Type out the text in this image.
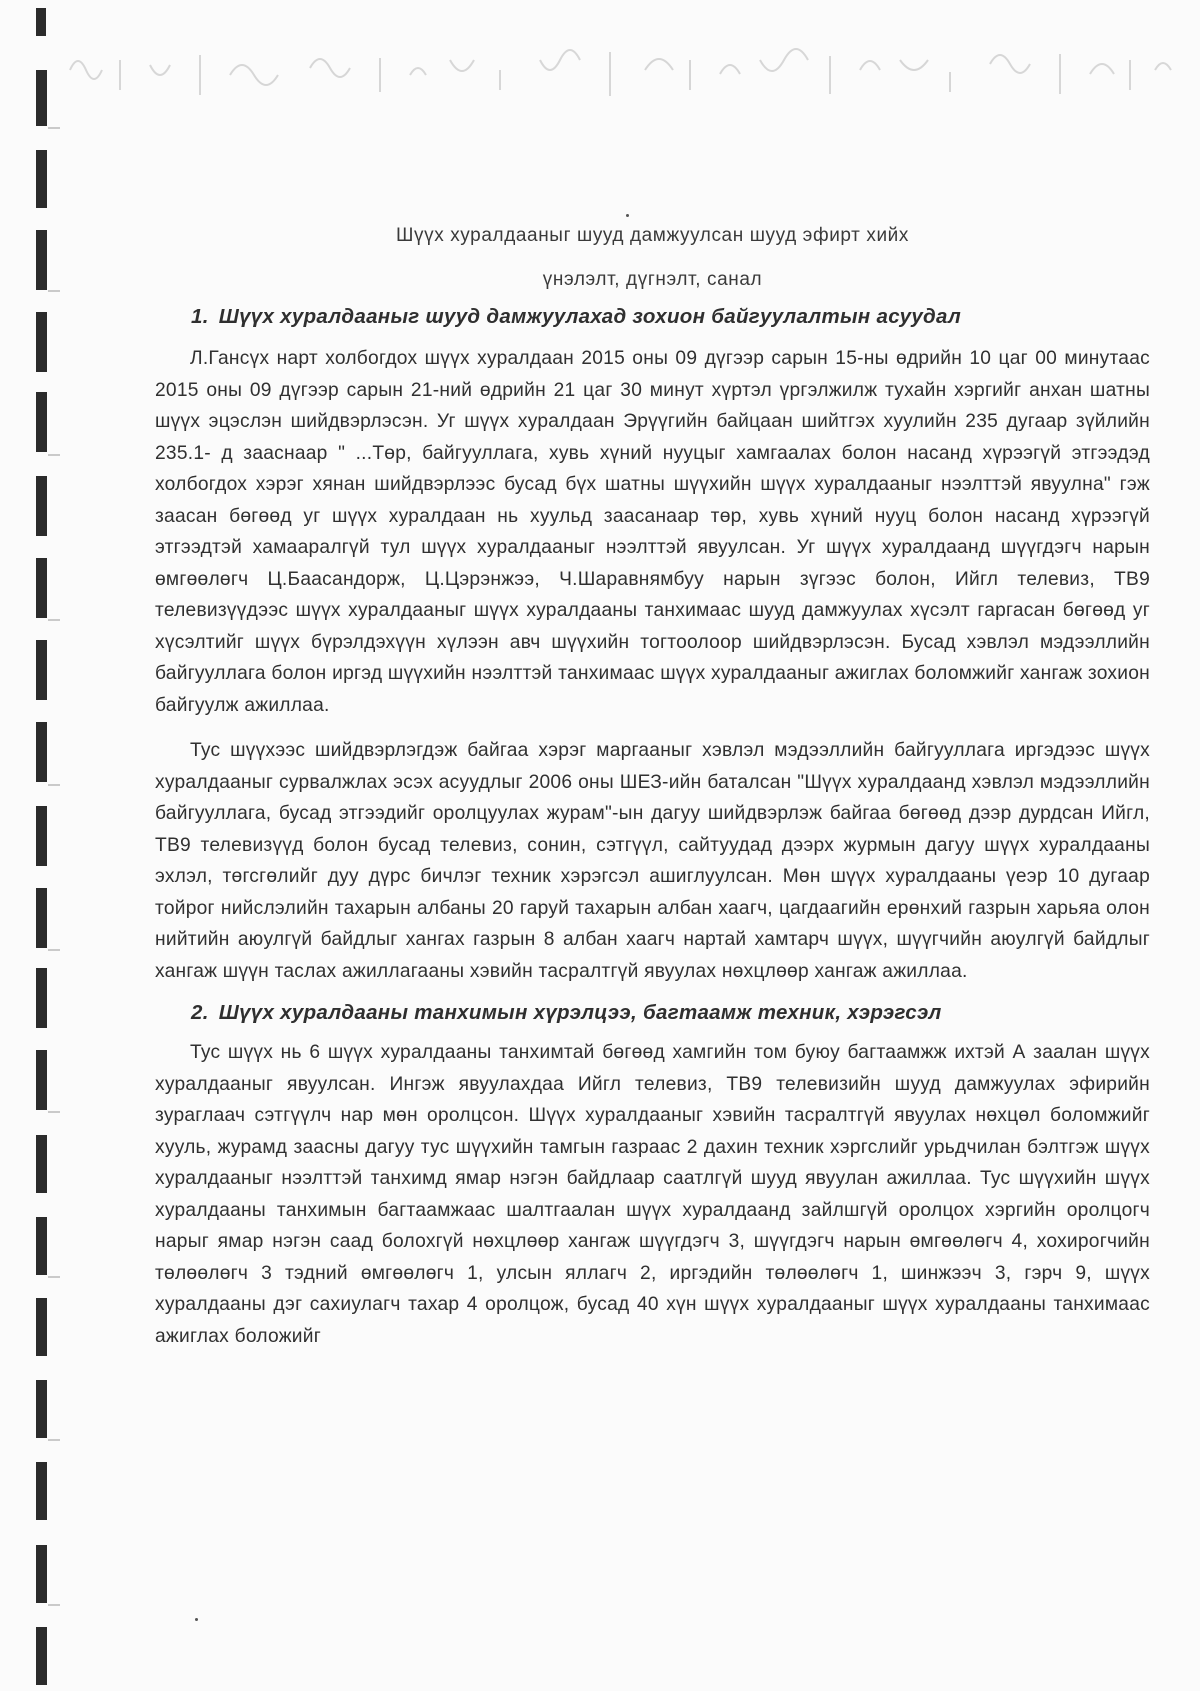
Шүүх хуралдааныг шууд дамжуулсан шууд эфирт хийх
үнэлэлт, дүгнэлт, санал
1. Шүүх хуралдааныг шууд дамжуулахад зохион байгуулалтын асуудал

Л.Гансүх нарт холбогдох шүүх хуралдаан 2015 оны 09 дүгээр сарын 15-ны өдрийн 10 цаг 00 минутаас 2015 оны 09 дүгээр сарын 21-ний өдрийн 21 цаг 30 минут хүртэл үргэлжилж тухайн хэргийг анхан шатны шүүх эцэслэн шийдвэрлэсэн. Уг шүүх хуралдаан Эрүүгийн байцаан шийтгэх хуулийн 235 дугаар зүйлийн 235.1- д зааснаар " ...Төр, байгууллага, хувь хүний нууцыг хамгаалах болон насанд хүрээгүй этгээдэд холбогдох хэрэг хянан шийдвэрлээс бусад бүх шатны шүүхийн шүүх хуралдааныг нээлттэй явуулна" гэж заасан бөгөөд уг шүүх хуралдаан нь хуульд заасанаар төр, хувь хүний нууц болон насанд хүрээгүй этгээдтэй хамааралгүй тул шүүх хуралдааныг нээлттэй явуулсан. Уг шүүх хуралдаанд шүүгдэгч нарын өмгөөлөгч Ц.Баасандорж, Ц.Цэрэнжээ, Ч.Шаравнямбуу нарын зүгээс болон, Ийгл телевиз, ТВ9 телевизүүдээс шүүх хуралдааныг шүүх хуралдааны танхимаас шууд дамжуулах хүсэлт гаргасан бөгөөд уг хүсэлтийг шүүх бүрэлдэхүүн хүлээн авч шүүхийн тогтоолоор шийдвэрлэсэн. Бусад хэвлэл мэдээллийн байгууллага болон иргэд шүүхийн нээлттэй танхимаас шүүх хуралдааныг ажиглах боломжийг хангаж зохион байгуулж ажиллаа.

Тус шүүхээс шийдвэрлэгдэж байгаа хэрэг маргааныг хэвлэл мэдээллийн байгууллага иргэдээс шүүх хуралдааныг сурвалжлах эсэх асуудлыг 2006 оны ШЕЗ-ийн баталсан "Шүүх хуралдаанд хэвлэл мэдээллийн байгууллага, бусад этгээдийг оролцуулах журам"-ын дагуу шийдвэрлэж байгаа бөгөөд дээр дурдсан Ийгл, ТВ9 телевизүүд болон бусад телевиз, сонин, сэтгүүл, сайтуудад дээрх журмын дагуу шүүх хуралдааны эхлэл, төгсгөлийг дуу дүрс бичлэг техник хэрэгсэл ашиглуулсан. Мөн шүүх хуралдааны үеэр 10 дугаар тойрог нийслэлийн тахарын албаны 20 гаруй тахарын албан хаагч, цагдаагийн ерөнхий газрын харьяа олон нийтийн аюулгүй байдлыг хангах газрын 8 албан хаагч нартай хамтарч шүүх, шүүгчийн аюулгүй байдлыг хангаж шүүн таслах ажиллагааны хэвийн тасралтгүй явуулах нөхцлөөр хангаж ажиллаа.

2. Шүүх хуралдааны танхимын хүрэлцээ, багтаамж техник, хэрэгсэл

Тус шүүх нь 6 шүүх хуралдааны танхимтай бөгөөд хамгийн том буюу багтаамжж ихтэй А заалан шүүх хуралдааныг явуулсан. Ингэж явуулахдаа Ийгл телевиз, ТВ9 телевизийн шууд дамжуулах эфирийн зураглаач сэтгүүлч нар мөн оролцсон. Шүүх хуралдааныг хэвийн тасралтгүй явуулах нөхцөл боломжийг хууль, журамд заасны дагуу тус шүүхийн тамгын газраас 2 дахин техник хэргслийг урьдчилан бэлтгэж шүүх хуралдааныг нээлттэй танхимд ямар нэгэн байдлаар саатлгүй шууд явуулан ажиллаа. Тус шүүхийн шүүх хуралдааны танхимын багтаамжаас шалтгаалан шүүх хуралдаанд зайлшгүй оролцох хэргийн оролцогч нарыг ямар нэгэн саад болохгүй нөхцлөөр хангаж шүүгдэгч 3, шүүгдэгч нарын өмгөөлөгч 4, хохирогчийн төлөөлөгч 3 тэдний өмгөөлөгч 1, улсын яллагч 2, иргэдийн төлөөлөгч 1, шинжээч 3, гэрч 9, шүүх хуралдааны дэг сахиулагч тахар 4 оролцож, бусад 40 хүн шүүх хуралдааныг шүүх хуралдааны танхимаас ажиглах боложийг
